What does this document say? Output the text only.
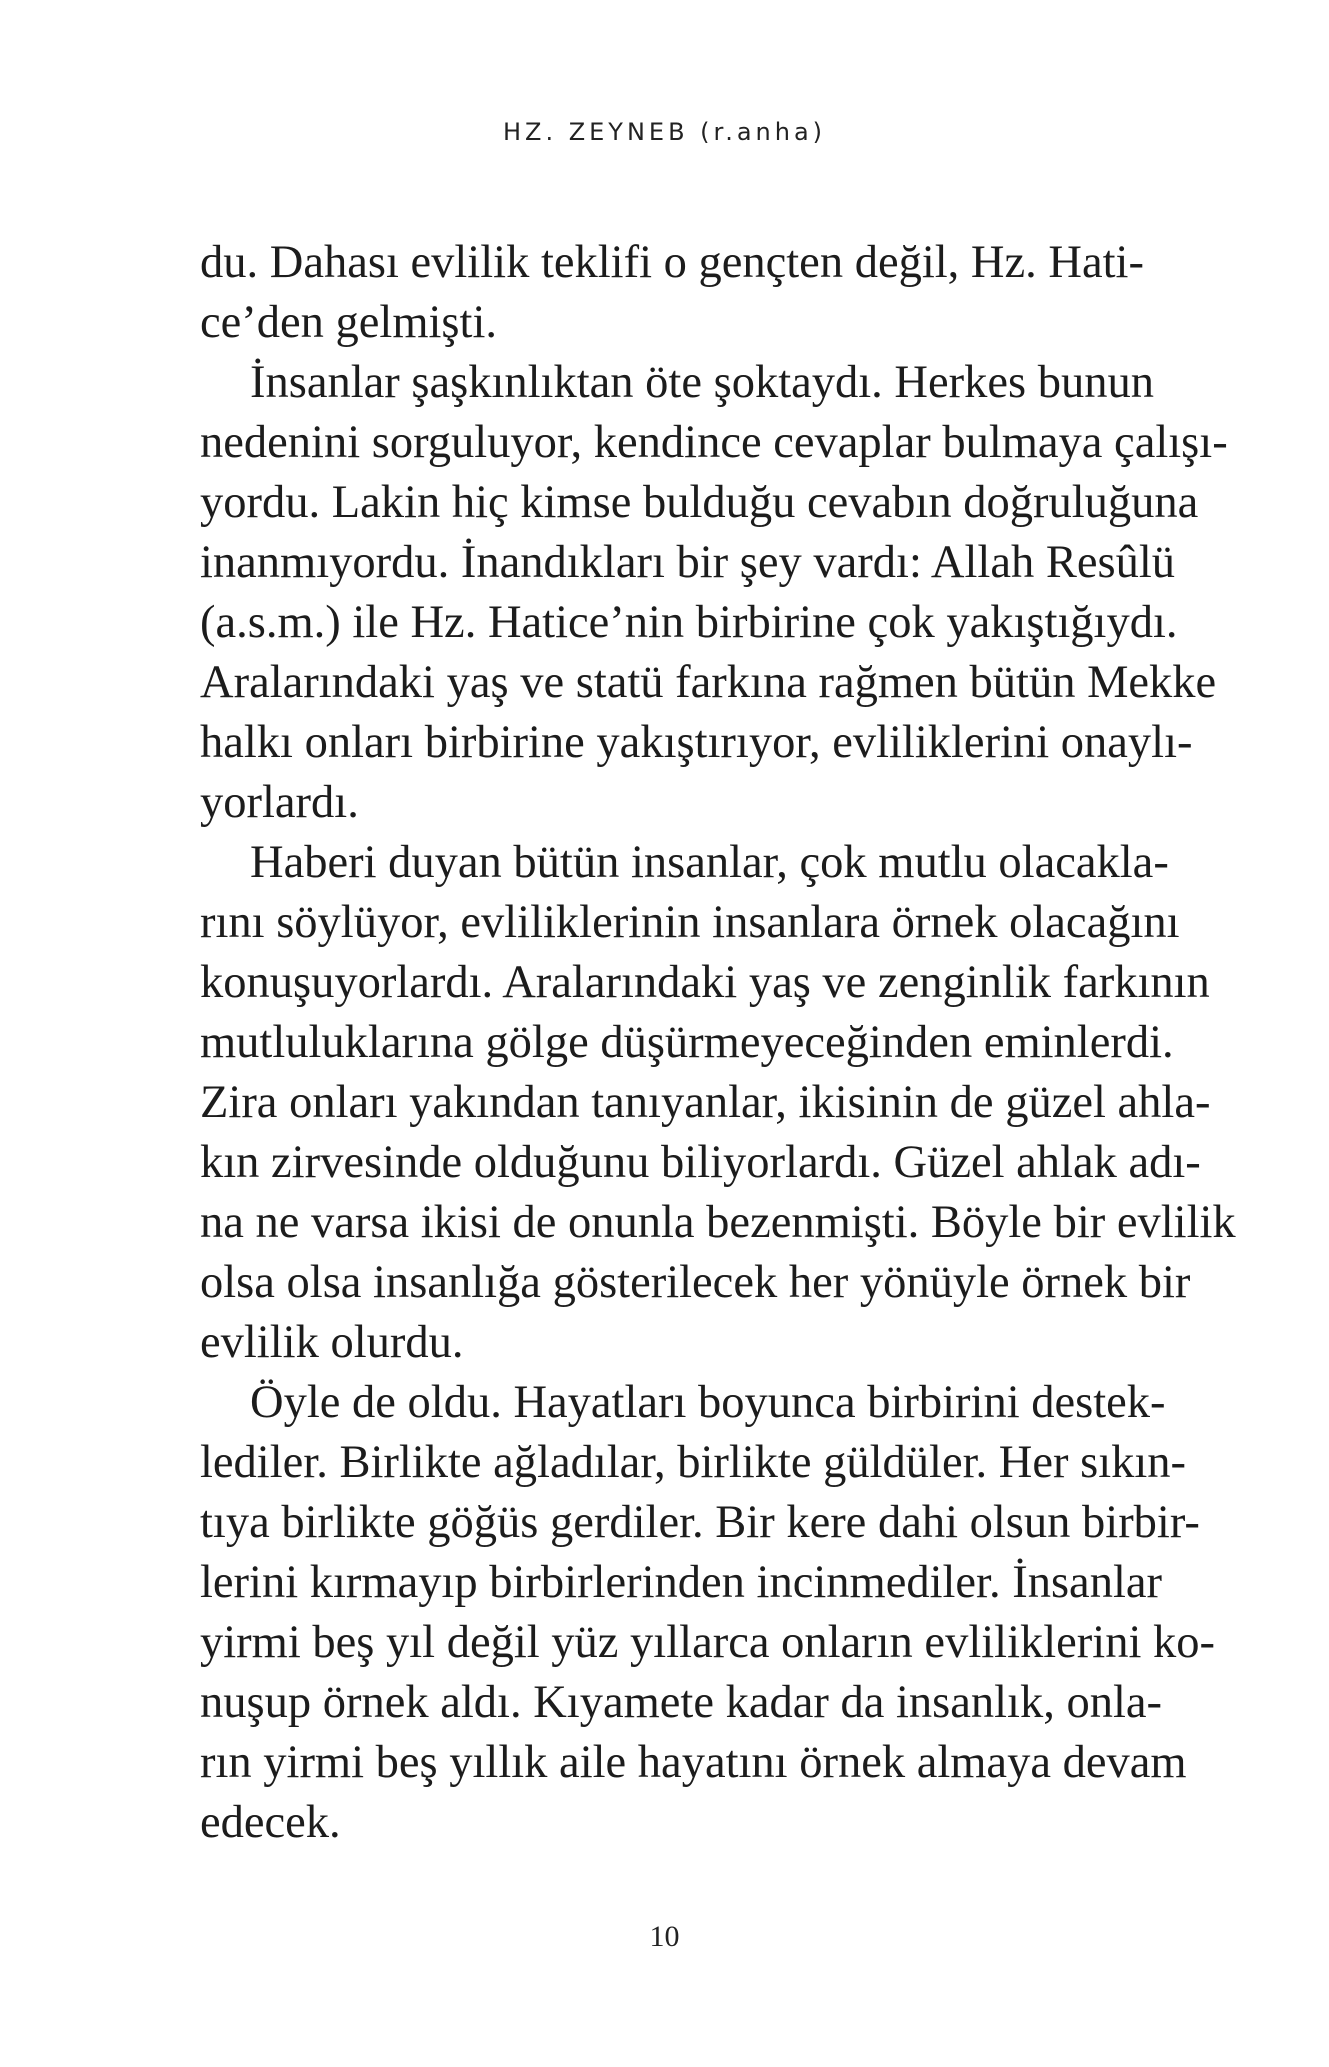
HZ. ZEYNEB (r.anha)
du. Dahası evlilik teklifi o gençten değil, Hz. Hati-
ce’den gelmişti.
İnsanlar şaşkınlıktan öte şoktaydı. Herkes bunun
nedenini sorguluyor, kendince cevaplar bulmaya çalışı-
yordu. Lakin hiç kimse bulduğu cevabın doğruluğuna
inanmıyordu. İnandıkları bir şey vardı: Allah Resûlü
(a.s.m.) ile Hz. Hatice’nin birbirine çok yakıştığıydı.
Aralarındaki yaş ve statü farkına rağmen bütün Mekke
halkı onları birbirine yakıştırıyor, evliliklerini onaylı-
yorlardı.
Haberi duyan bütün insanlar, çok mutlu olacakla-
rını söylüyor, evliliklerinin insanlara örnek olacağını
konuşuyorlardı. Aralarındaki yaş ve zenginlik farkının
mutluluklarına gölge düşürmeyeceğinden eminlerdi.
Zira onları yakından tanıyanlar, ikisinin de güzel ahla-
kın zirvesinde olduğunu biliyorlardı. Güzel ahlak adı-
na ne varsa ikisi de onunla bezenmişti. Böyle bir evlilik
olsa olsa insanlığa gösterilecek her yönüyle örnek bir
evlilik olurdu.
Öyle de oldu. Hayatları boyunca birbirini destek-
lediler. Birlikte ağladılar, birlikte güldüler. Her sıkın-
tıya birlikte göğüs gerdiler. Bir kere dahi olsun birbir-
lerini kırmayıp birbirlerinden incinmediler. İnsanlar
yirmi beş yıl değil yüz yıllarca onların evliliklerini ko-
nuşup örnek aldı. Kıyamete kadar da insanlık, onla-
rın yirmi beş yıllık aile hayatını örnek almaya devam
edecek.
10
